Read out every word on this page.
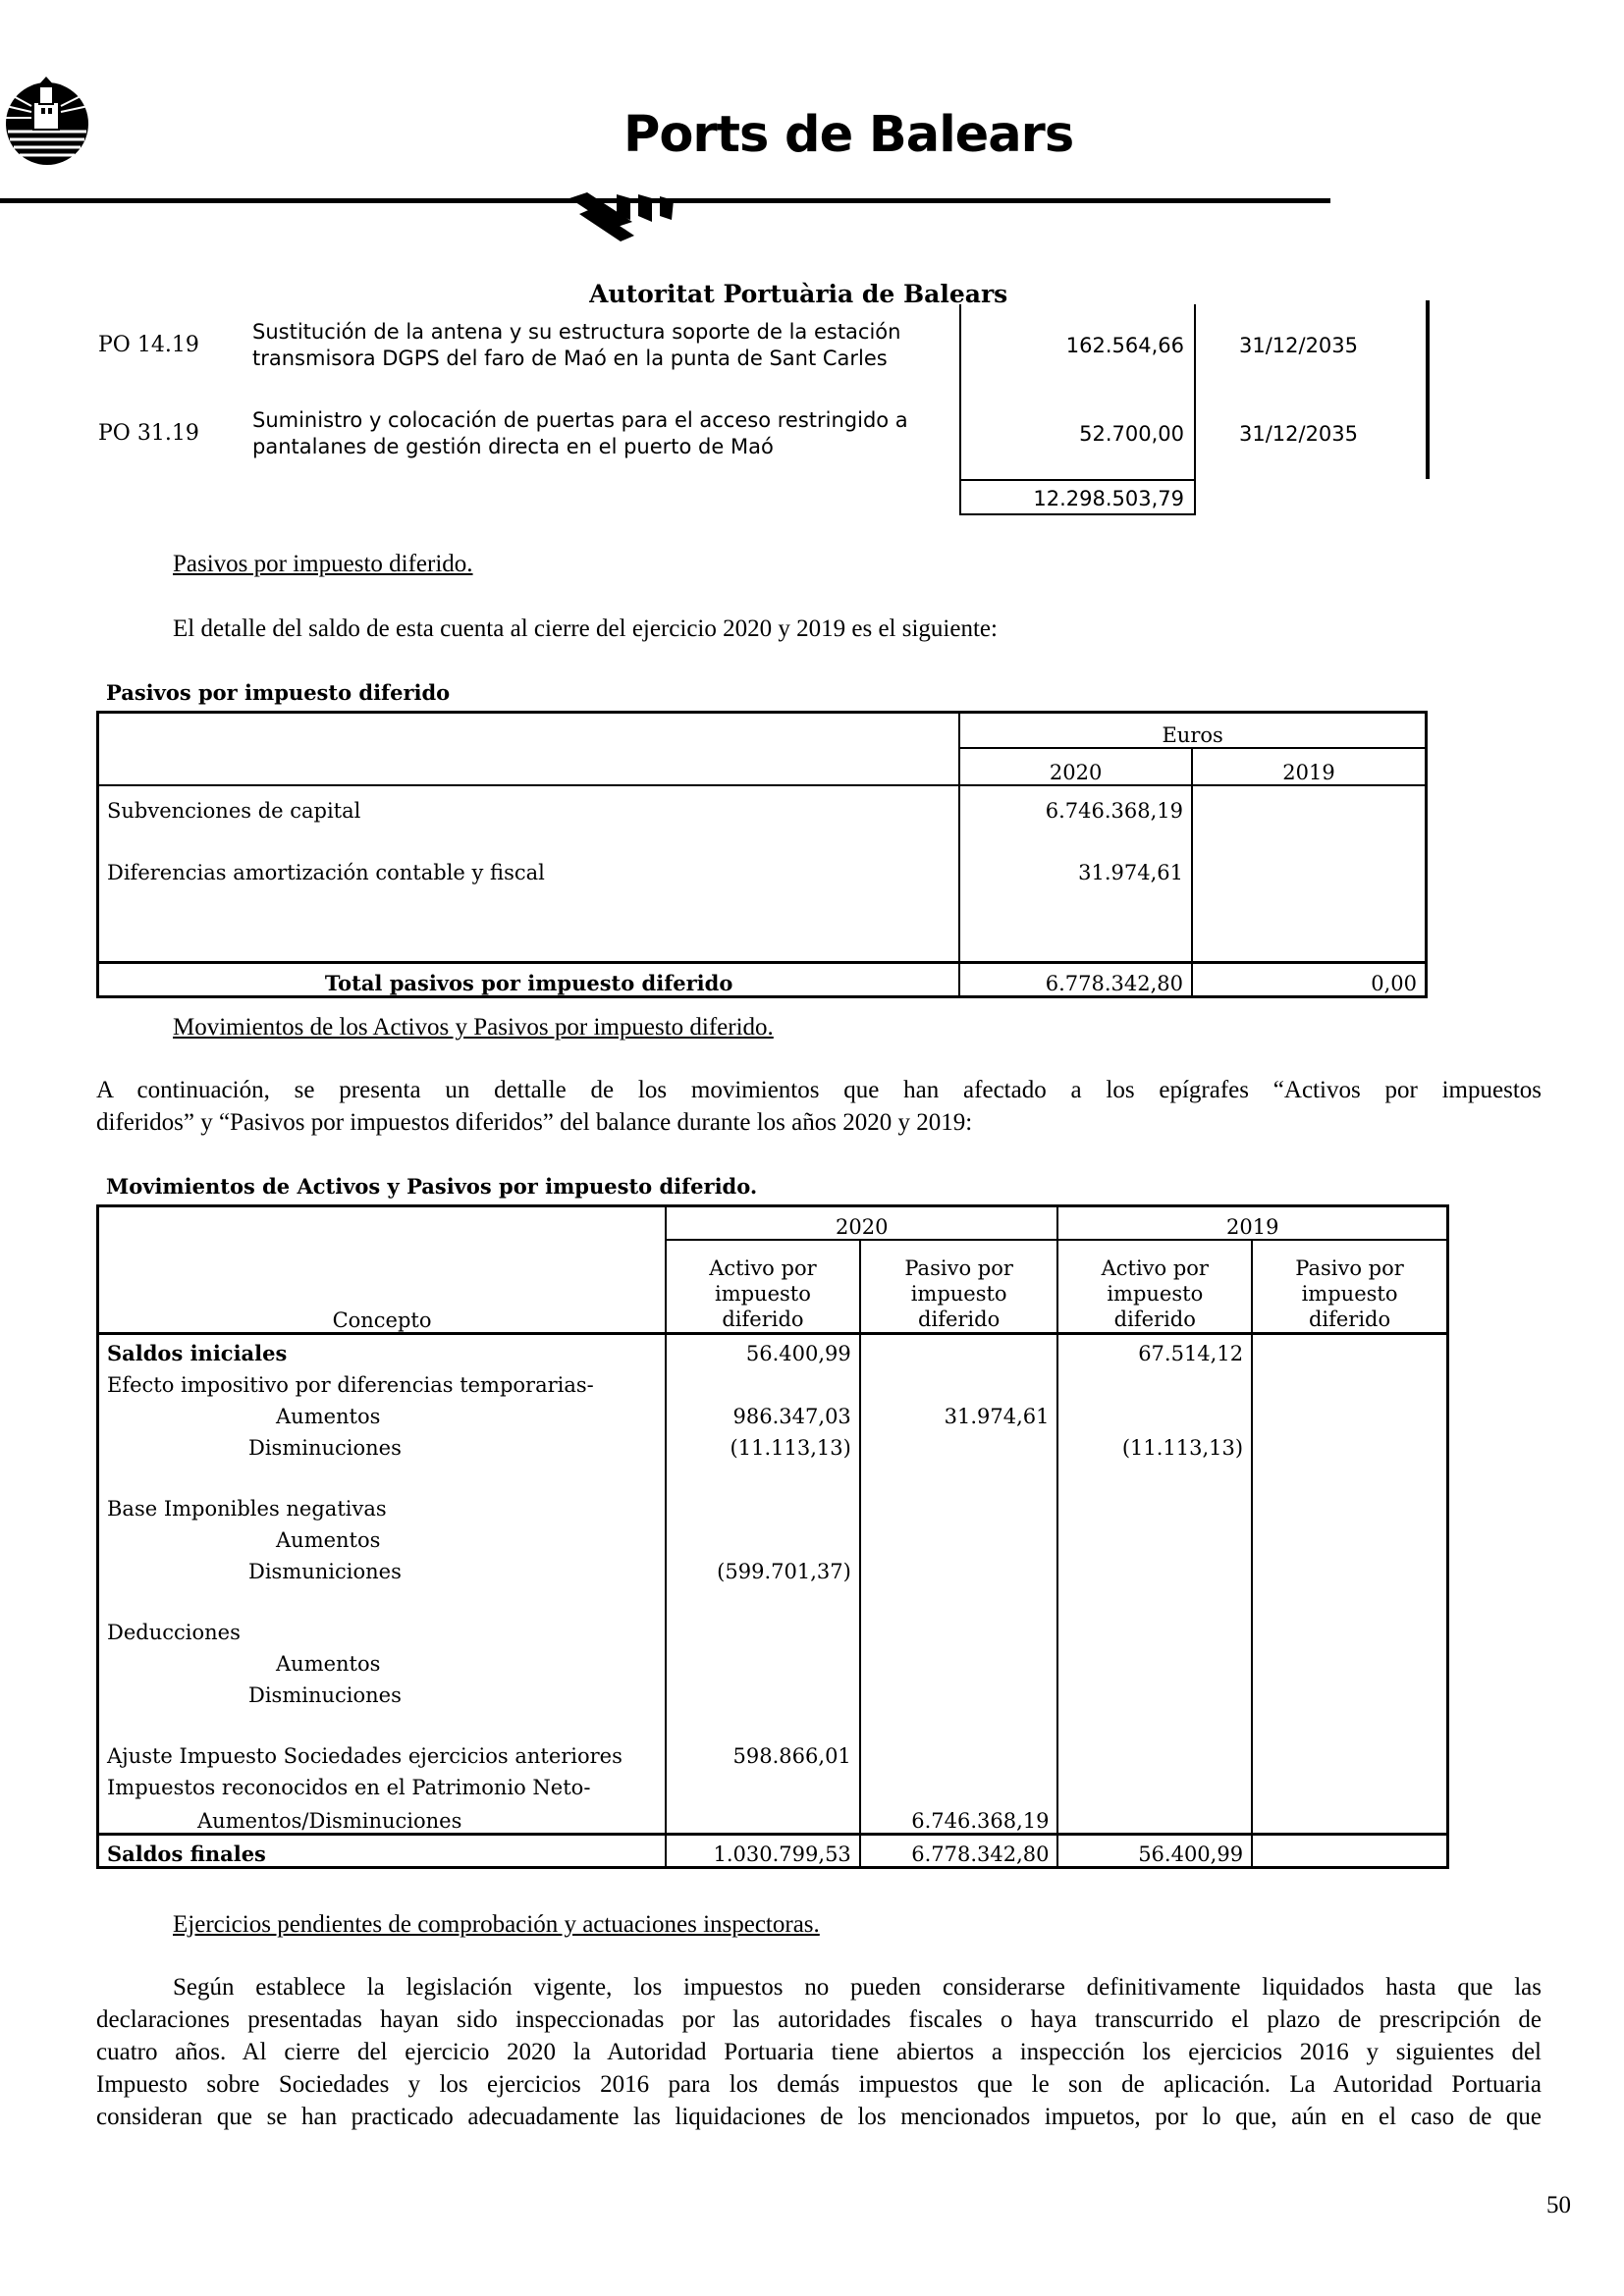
Ports de Balears
Autoritat Portuària de Balears
PO 14.19
Sustitución de la antena y su estructura soporte de la estación
transmisora DGPS del faro de Maó en la punta de Sant Carles
162.564,66	31/12/2035
PO 31.19
Suministro y colocación de puertas para el acceso restringido a
pantalanes de gestión directa en el puerto de Maó
52.700,00	31/12/2035
12.298.503,79
Pasivos por impuesto diferido.
El detalle del saldo de esta cuenta al cierre del ejercicio 2020 y 2019 es el siguiente:
Pasivos por impuesto diferido
	Euros	
	2020	2019
Subvenciones de capital	6.746.368,19	
Diferencias amortización contable y fiscal	31.974,61	

Total pasivos por impuesto diferido	6.778.342,80	0,00
Movimientos de los Activos y Pasivos por impuesto diferido.
A continuación, se presenta un dettalle de los movimientos que han afectado a los epígrafes “Activos por impuestos
diferidos” y “Pasivos por impuestos diferidos” del balance durante los años 2020 y 2019:
Movimientos de Activos y Pasivos por impuesto diferido.
	2020		2019	
Concepto	Activo por
impuesto
diferido	Pasivo por
impuesto
diferido	Activo por
impuesto
diferido	Pasivo por
impuesto
diferido
Saldos iniciales	56.400,99		67.514,12	
Efecto impositivo por diferencias temporarias-				
Aumentos	986.347,03	31.974,61		
Disminuciones	(11.113,13)		(11.113,13)	
Base Imponibles negativas				
Aumentos				
Dismuniciones	(599.701,37)			
Deducciones				
Aumentos				
Disminuciones				
Ajuste Impuesto Sociedades ejercicios anteriores	598.866,01			
Impuestos reconocidos en el Patrimonio Neto-				
Aumentos/Disminuciones		6.746.368,19		
Saldos finales	1.030.799,53	6.778.342,80	56.400,99	
Ejercicios pendientes de comprobación y actuaciones inspectoras.
Según establece la legislación vigente, los impuestos no pueden considerarse definitivamente liquidados hasta que las
declaraciones presentadas hayan sido inspeccionadas por las autoridades fiscales o haya transcurrido el plazo de prescripción de
cuatro años. Al cierre del ejercicio 2020 la Autoridad Portuaria tiene abiertos a inspección los ejercicios 2016 y siguientes del
Impuesto sobre Sociedades y los ejercicios 2016 para los demás impuestos que le son de aplicación. La Autoridad Portuaria
consideran que se han practicado adecuadamente las liquidaciones de los mencionados impuetos, por lo que, aún en el caso de que
50
